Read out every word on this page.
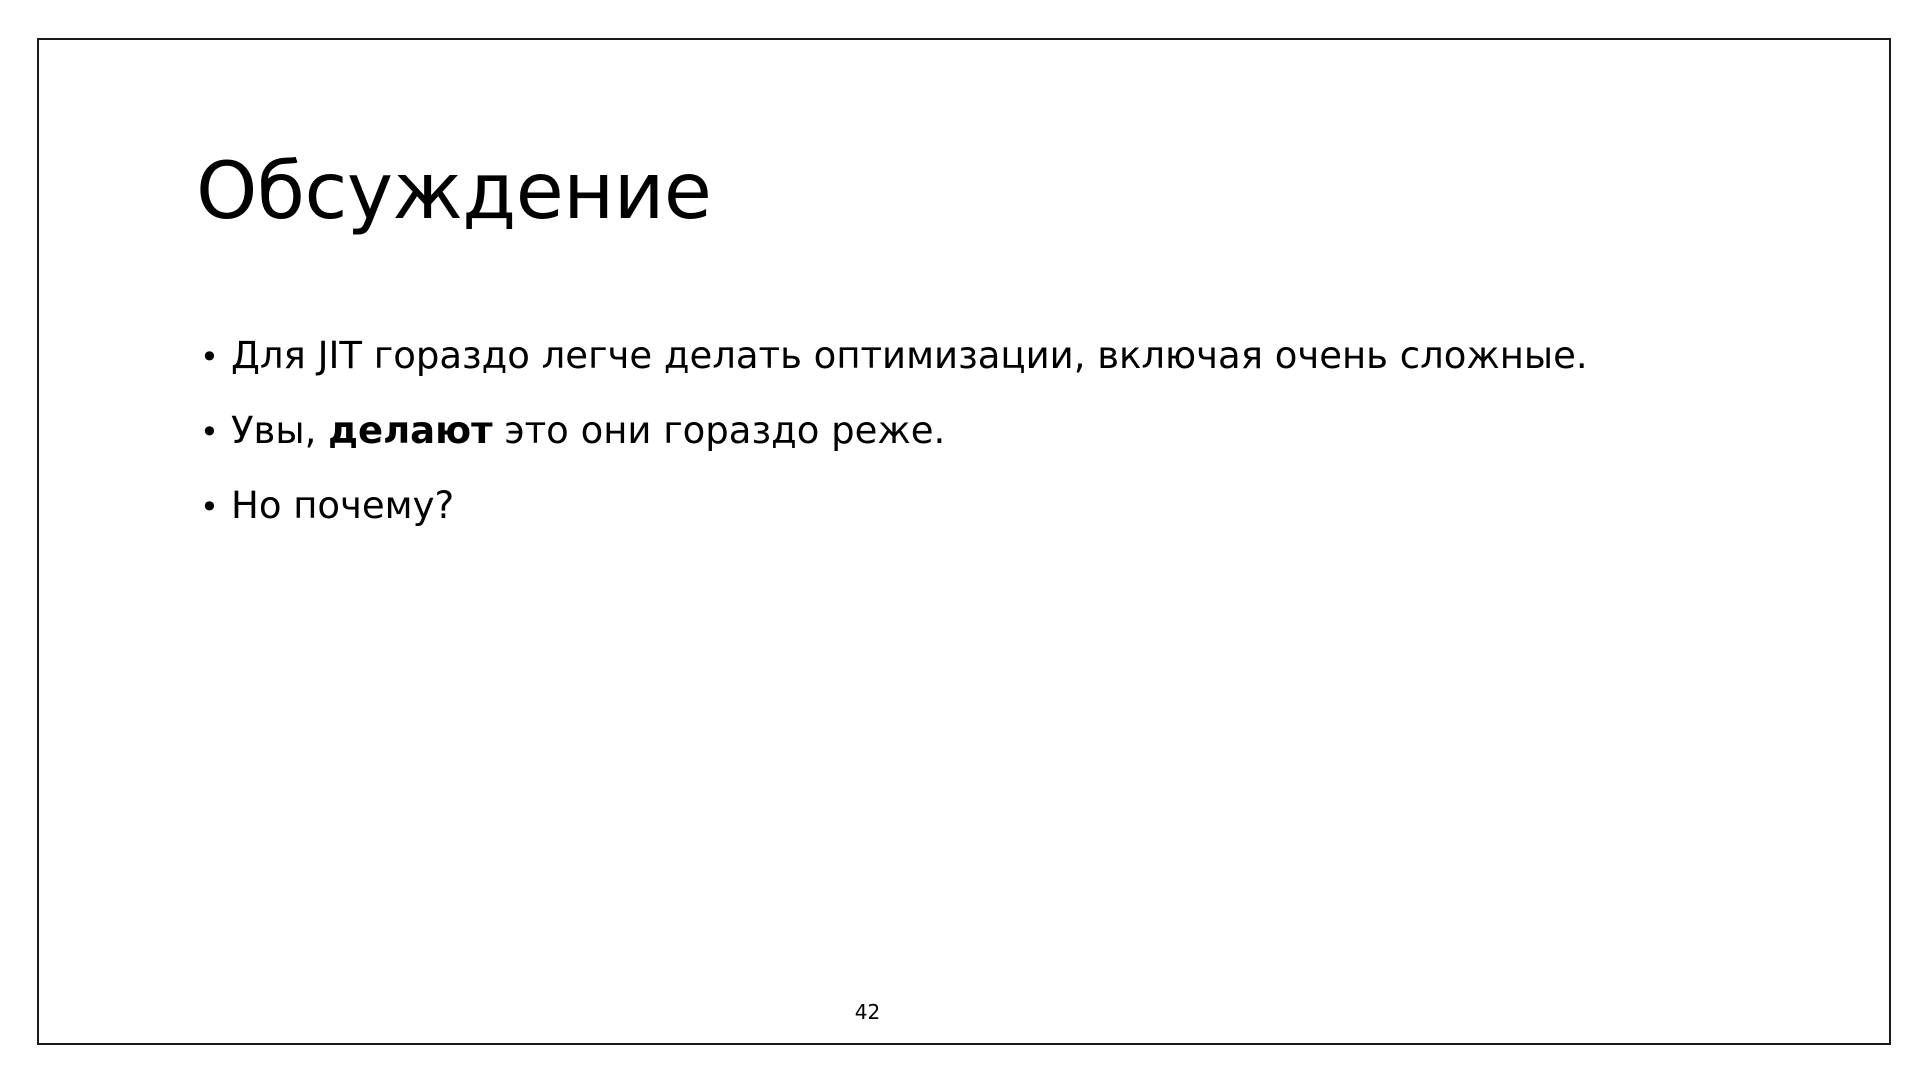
Обсуждение
• Для JIT гораздо легче делать оптимизации, включая очень сложные.
• Увы, делают это они гораздо реже.
• Но почему?
42
